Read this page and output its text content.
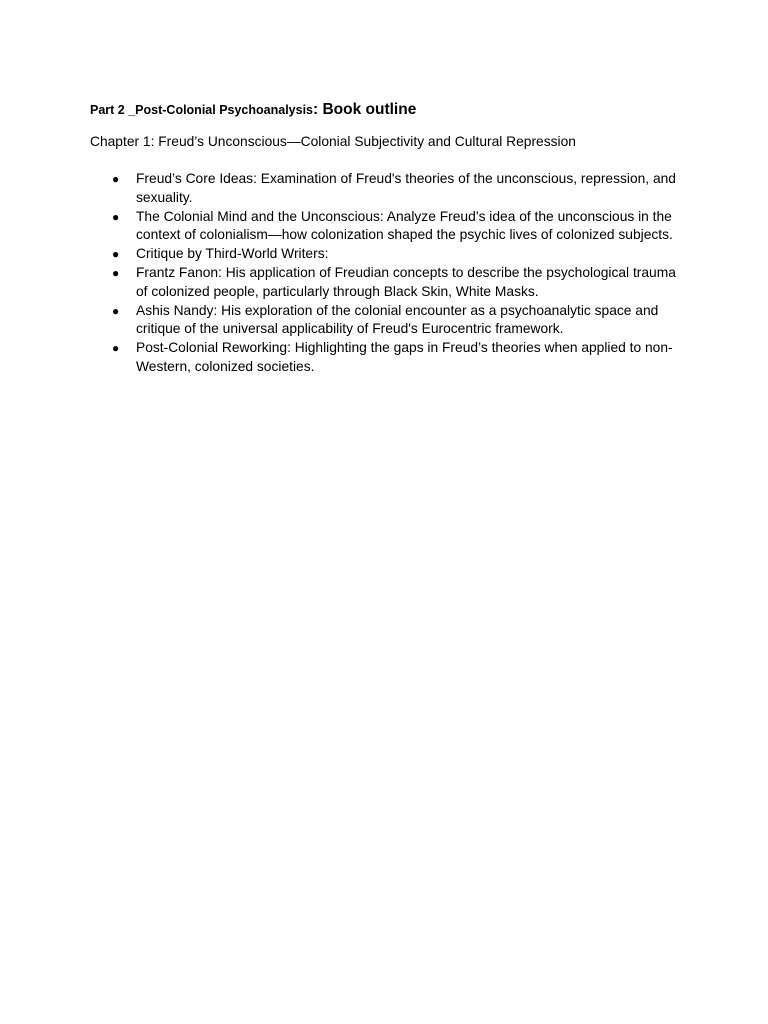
Part 2 _Post-Colonial Psychoanalysis: Book outline

Chapter 1: Freud’s Unconscious—Colonial Subjectivity and Cultural Repression

● Freud’s Core Ideas: Examination of Freud's theories of the unconscious, repression, and sexuality.
● The Colonial Mind and the Unconscious: Analyze Freud’s idea of the unconscious in the context of colonialism—how colonization shaped the psychic lives of colonized subjects.
● Critique by Third-World Writers:
● Frantz Fanon: His application of Freudian concepts to describe the psychological trauma of colonized people, particularly through Black Skin, White Masks.
● Ashis Nandy: His exploration of the colonial encounter as a psychoanalytic space and critique of the universal applicability of Freud's Eurocentric framework.
● Post-Colonial Reworking: Highlighting the gaps in Freud’s theories when applied to non-Western, colonized societies.
